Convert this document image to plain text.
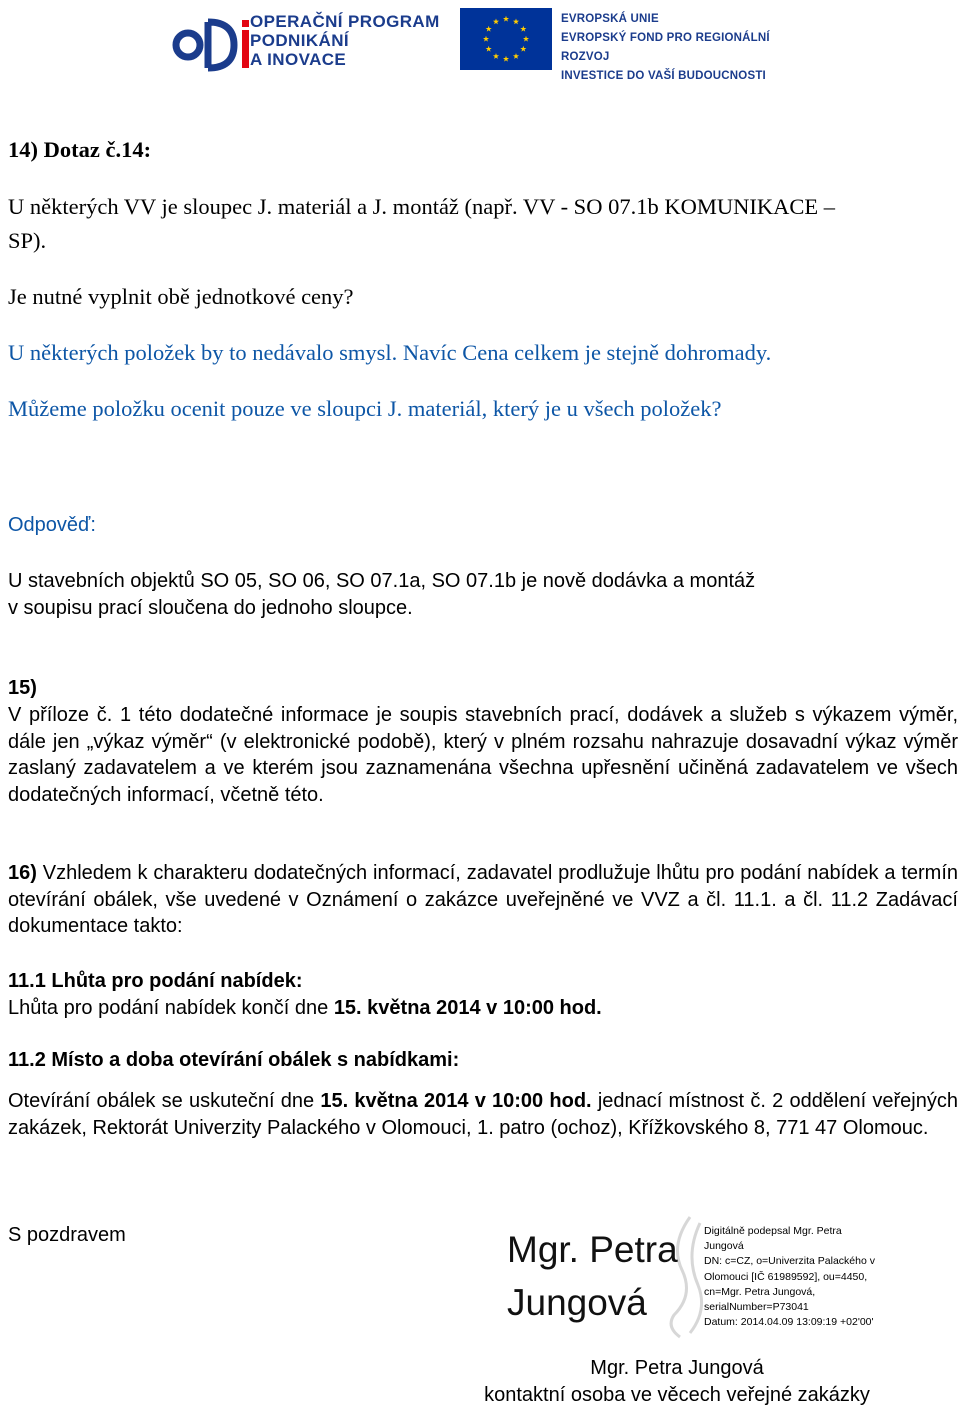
OPERAČNÍ PROGRAM
PODNIKÁNÍ
A INOVACE
EVROPSKÁ UNIE
EVROPSKÝ FOND PRO REGIONÁLNÍ ROZVOJ
INVESTICE DO VAŠÍ BUDOUCNOSTI
14) Dotaz č.14:
U některých VV je sloupec J. materiál a J. montáž (např. VV - SO 07.1b KOMUNIKACE –
SP).
Je nutné vyplnit obě jednotkové ceny?
U některých položek by to nedávalo smysl. Navíc Cena celkem je stejně dohromady.
Můžeme položku ocenit pouze ve sloupci J. materiál, který je u všech položek?
Odpověď:
U stavebních objektů SO 05, SO 06, SO 07.1a, SO 07.1b je nově dodávka a montáž
v soupisu prací sloučena do jednoho sloupce.
15)
V příloze č. 1 této dodatečné informace je soupis stavebních prací, dodávek a služeb s výkazem výměr, dále jen „výkaz výměr“ (v elektronické podobě), který v plném rozsahu nahrazuje dosavadní výkaz výměr zaslaný zadavatelem a ve kterém jsou zaznamenána všechna upřesnění učiněná zadavatelem ve všech dodatečných informací, včetně této.
16) Vzhledem k charakteru dodatečných informací, zadavatel prodlužuje lhůtu pro podání nabídek a termín otevírání obálek, vše uvedené v Oznámení o zakázce uveřejněné ve VVZ a čl. 11.1. a čl. 11.2 Zadávací dokumentace takto:
11.1 Lhůta pro podání nabídek:
Lhůta pro podání nabídek končí dne 15. května 2014 v 10:00 hod.
11.2 Místo a doba otevírání obálek s nabídkami:
Otevírání obálek se uskuteční dne 15. května 2014 v 10:00 hod. jednací místnost č. 2 oddělení veřejných zakázek, Rektorát Univerzity Palackého v Olomouci, 1. patro (ochoz), Křížkovského 8, 771 47 Olomouc.
S pozdravem	Mgr. Petra
Jungová
Digitálně podepsal Mgr. Petra
Jungová
DN: c=CZ, o=Univerzita Palackého v
Olomouci [IČ 61989592], ou=4450,
cn=Mgr. Petra Jungová,
serialNumber=P73041
Datum: 2014.04.09 13:09:19 +02'00'
Mgr. Petra Jungová
kontaktní osoba ve věcech veřejné zakázky
